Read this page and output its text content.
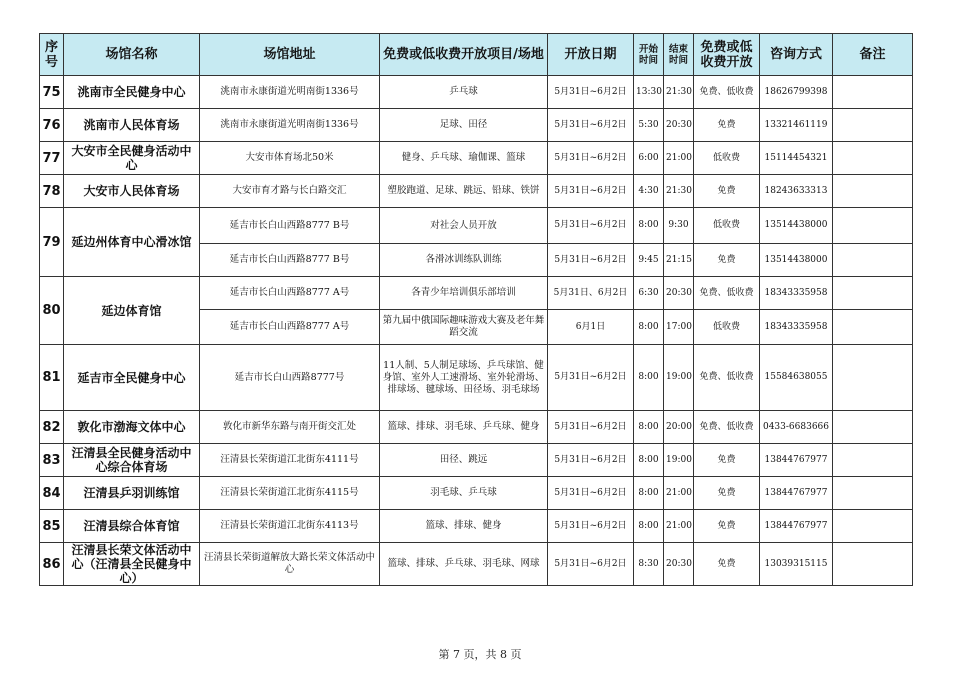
序号	场馆名称	场馆地址	免费或低收费开放项目/场地	开放日期	开始时间	结束时间	免费或低收费开放	咨询方式	备注
75	洮南市全民健身中心	洮南市永康街道光明南街1336号	乒乓球	5月31日~6月2日	13:30	21:30	免费、低收费	18626799398	
76	洮南市人民体育场	洮南市永康街道光明南街1336号	足球、田径	5月31日~6月2日	5:30	20:30	免费	13321461119	
77	大安市全民健身活动中心	大安市体育场北50米	健身、乒乓球、瑜伽课、篮球	5月31日~6月2日	6:00	21:00	低收费	15114454321	
78	大安市人民体育场	大安市育才路与长白路交汇	塑胶跑道、足球、跳远、铅球、铁饼	5月31日~6月2日	4:30	21:30	免费	18243633313	
79	延边州体育中心滑冰馆	延吉市长白山西路8777 B号	对社会人员开放	5月31日~6月2日	8:00	9:30	低收费	13514438000	
		延吉市长白山西路8777 B号	各滑冰训练队训练	5月31日~6月2日	9:45	21:15	免费	13514438000	
80	延边体育馆	延吉市长白山西路8777 A号	各青少年培训俱乐部培训	5月31日、6月2日	6:30	20:30	免费、低收费	18343335958	
		延吉市长白山西路8777 A号	第九届中俄国际趣味游戏大赛及老年舞蹈交流	6月1日	8:00	17:00	低收费	18343335958	
81	延吉市全民健身中心	延吉市长白山西路8777号	11人制、5人制足球场、乒乓球馆、健身馆、室外人工速滑场、室外轮滑场、排球场、毽球场、田径场、羽毛球场	5月31日~6月2日	8:00	19:00	免费、低收费	15584638055	
82	敦化市渤海文体中心	敦化市新华东路与南开街交汇处	篮球、排球、羽毛球、乒乓球、健身	5月31日~6月2日	8:00	20:00	免费、低收费	0433-6683666	
83	汪清县全民健身活动中心综合体育场	汪清县长荣街道江北街东4111号	田径、跳远	5月31日~6月2日	8:00	19:00	免费	13844767977	
84	汪清县乒羽训练馆	汪清县长荣街道江北街东4115号	羽毛球、乒乓球	5月31日~6月2日	8:00	21:00	免费	13844767977	
85	汪清县综合体育馆	汪清县长荣街道江北街东4113号	篮球、排球、健身	5月31日~6月2日	8:00	21:00	免费	13844767977	
86	汪清县长荣文体活动中心（汪清县全民健身中心）	汪清县长荣街道解放大路长荣文体活动中心	篮球、排球、乒乓球、羽毛球、网球	5月31日~6月2日	8:30	20:30	免费	13039315115	
第 7 页，共 8 页
